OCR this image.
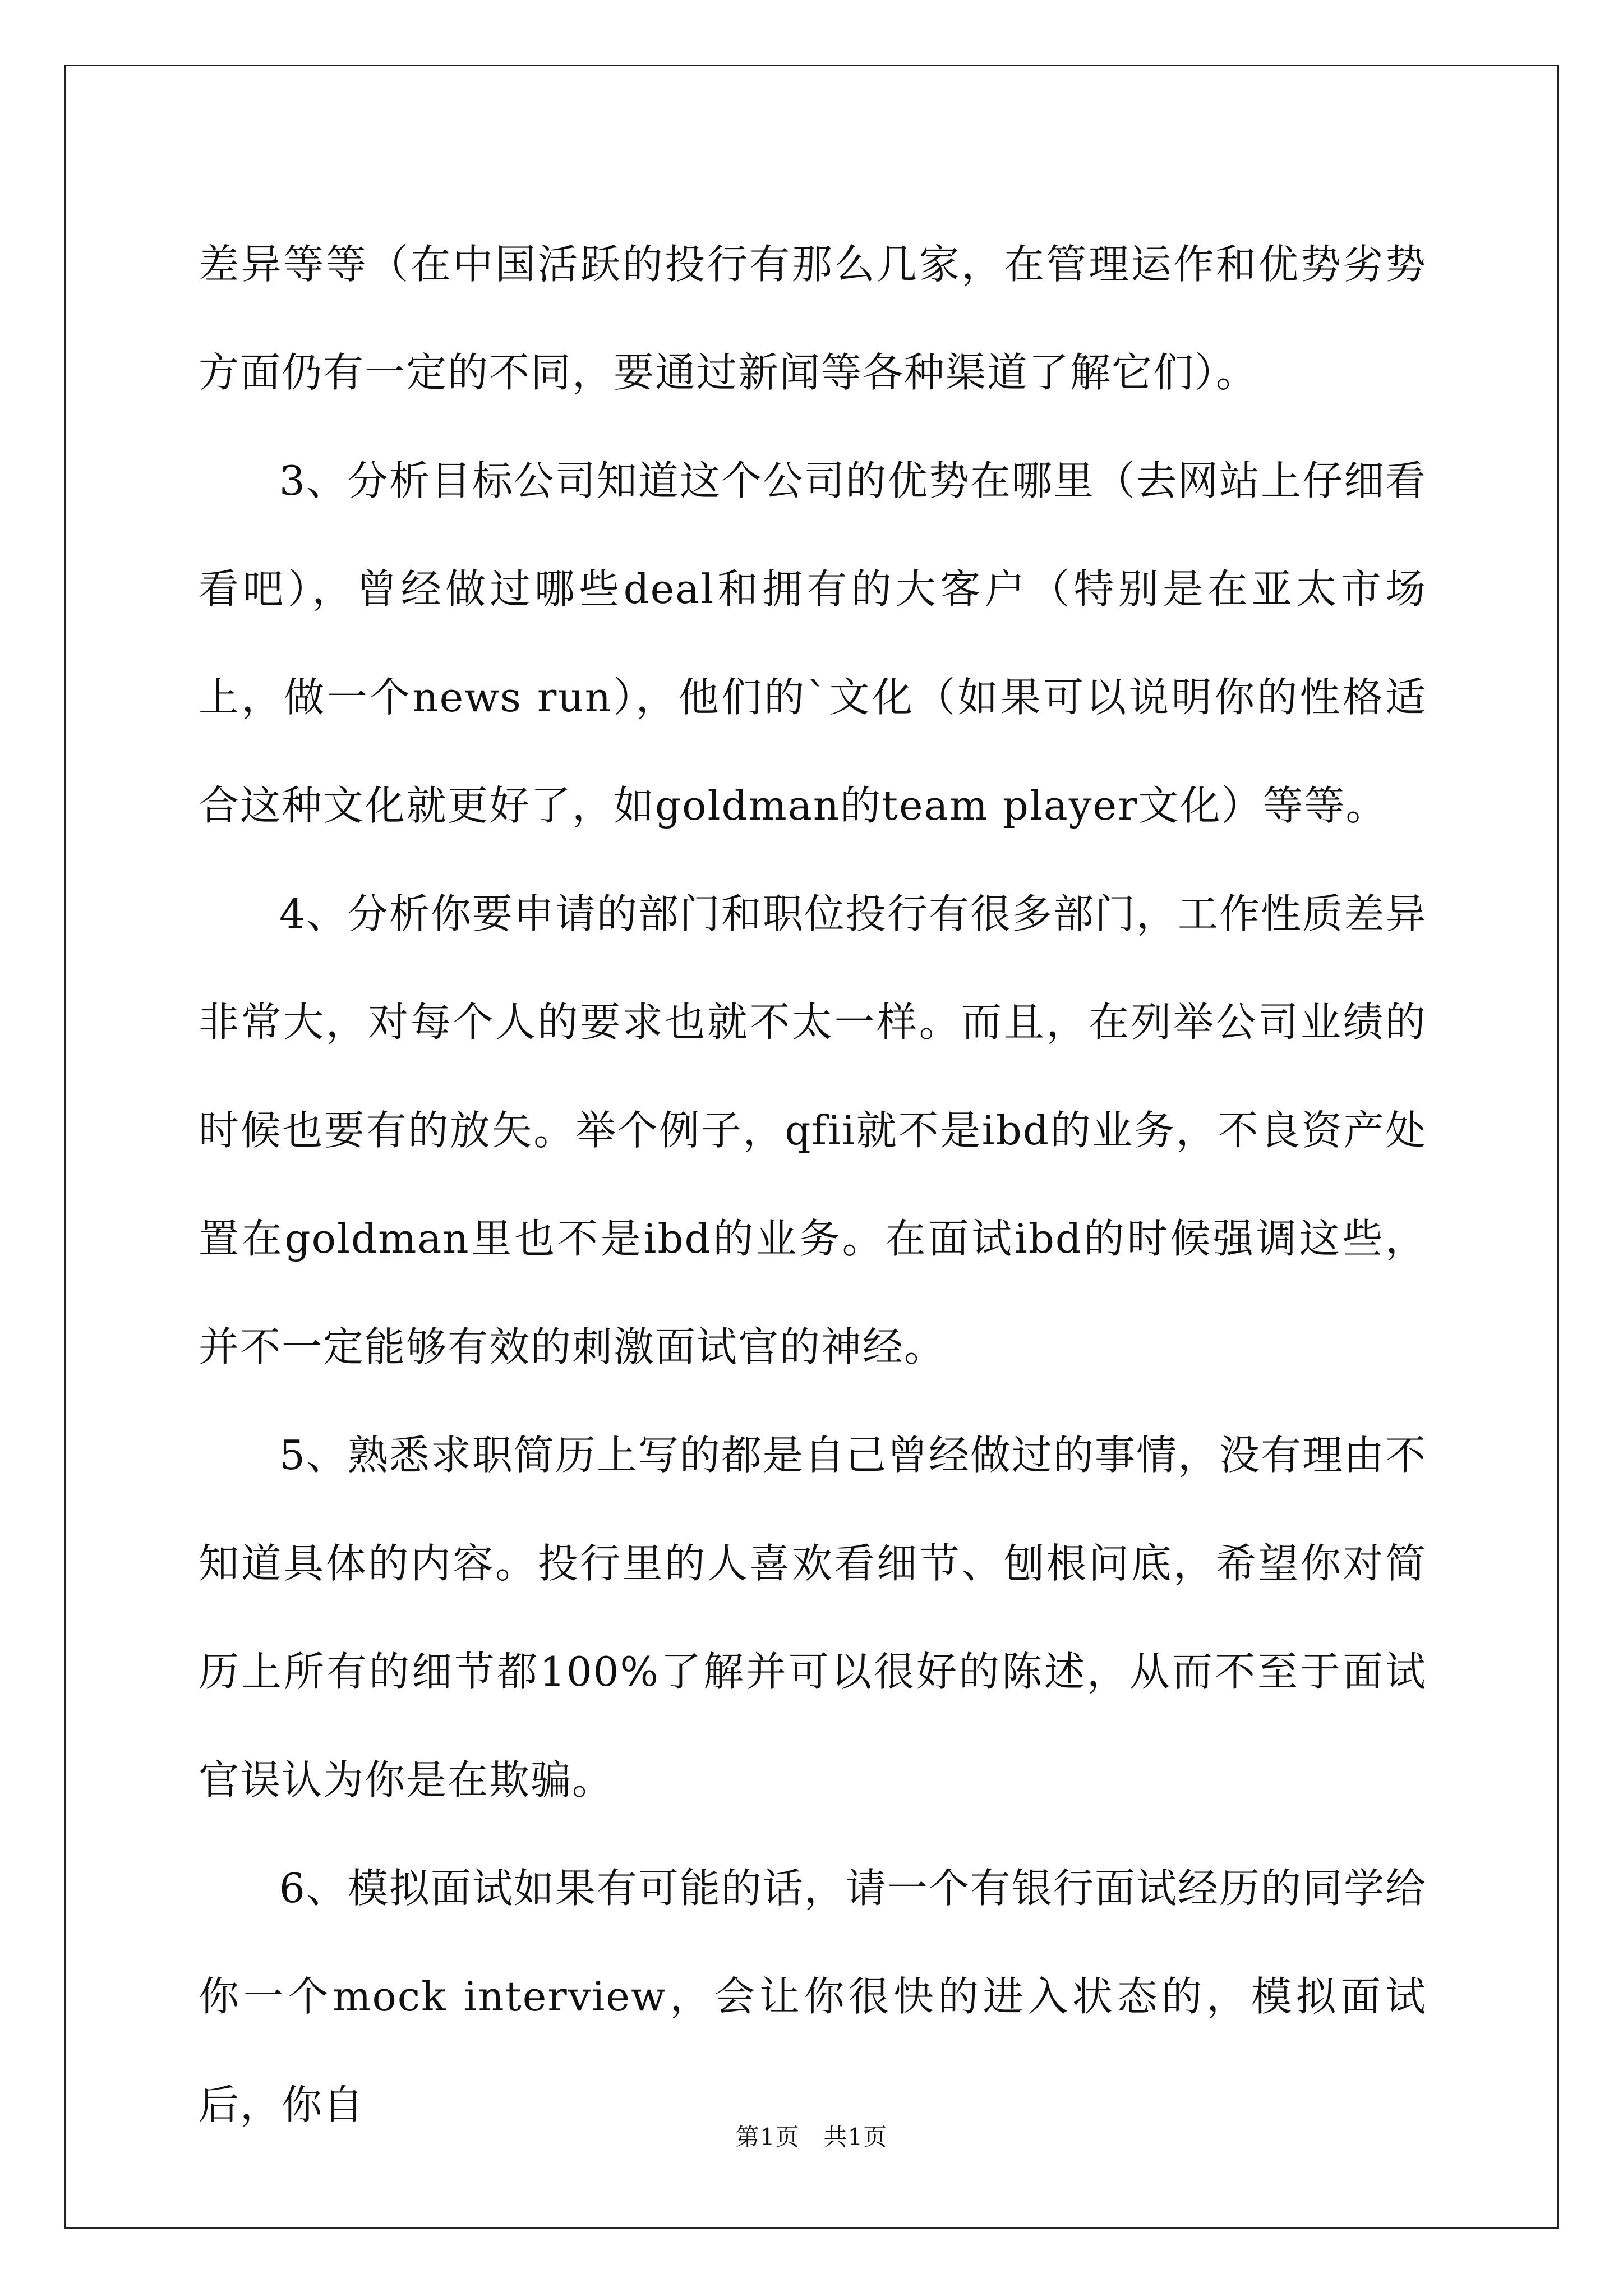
差异等等（在中国活跃的投行有那么几家，在管理运作和优势劣势方面仍有一定的不同，要通过新闻等各种渠道了解它们）。

3、分析目标公司知道这个公司的优势在哪里（去网站上仔细看看吧），曾经做过哪些deal和拥有的大客户（特别是在亚太市场上，做一个news run），他们的`文化（如果可以说明你的性格适合这种文化就更好了，如goldman的team player文化）等等。

4、分析你要申请的部门和职位投行有很多部门，工作性质差异非常大，对每个人的要求也就不太一样。而且，在列举公司业绩的时候也要有的放矢。举个例子，qfii就不是ibd的业务，不良资产处置在goldman里也不是ibd的业务。在面试ibd的时候强调这些，并不一定能够有效的刺激面试官的神经。

5、熟悉求职简历上写的都是自己曾经做过的事情，没有理由不知道具体的内容。投行里的人喜欢看细节、刨根问底，希望你对简历上所有的细节都100%了解并可以很好的陈述，从而不至于面试官误认为你是在欺骗。

6、模拟面试如果有可能的话，请一个有银行面试经历的同学给你一个mock interview，会让你很快的进入状态的，模拟面试后，你自

第1页　共1页
